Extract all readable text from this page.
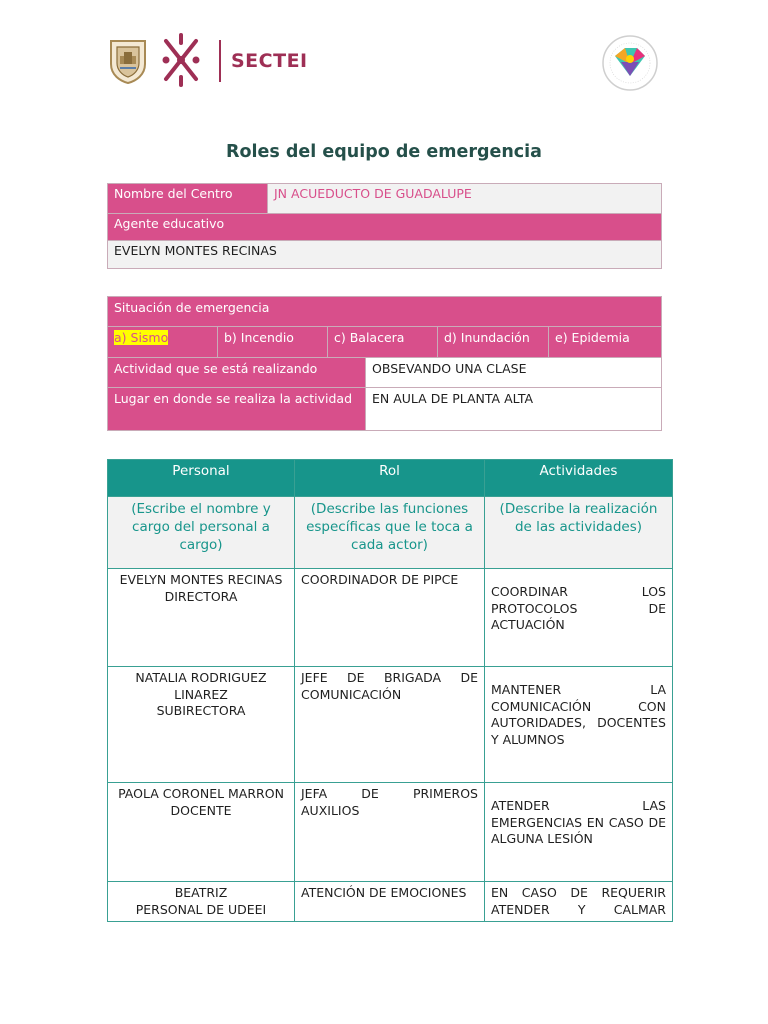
SECTEI
Roles del equipo de emergencia
Nombre del Centro	JN ACUEDUCTO DE GUADALUPE
Agente educativo
EVELYN MONTES RECINAS
Situación de emergencia					
a) Sismo	b) Incendio	c) Balacera		d) Inundación	e) Epidemia
Actividad que se está realizando			OBSEVANDO UNA CLASE		
Lugar en donde se realiza la actividad			EN AULA DE PLANTA ALTA		
Personal	Rol	Actividades
(Escribe el nombre y cargo del personal a cargo)	(Describe las funciones específicas que le toca a cada actor)	(Describe la realización de las actividades)

EVELYN MONTES RECINAS
DIRECTORA	COORDINADOR DE PIPCE	COORDINAR LOS PROTOCOLOS DE ACTUACIÓN

NATALIA RODRIGUEZ LINAREZ
SUBIRECTORA	JEFE DE BRIGADA DE COMUNICACIÓN	MANTENER LA COMUNICACIÓN CON AUTORIDADES, DOCENTES Y ALUMNOS

PAOLA CORONEL MARRON
DOCENTE	JEFA DE PRIMEROS AUXILIOS	ATENDER LAS EMERGENCIAS EN CASO DE ALGUNA LESIÓN

BEATRIZ
PERSONAL DE UDEEI	ATENCIÓN DE EMOCIONES	EN CASO DE REQUERIR ATENDER Y CALMAR
